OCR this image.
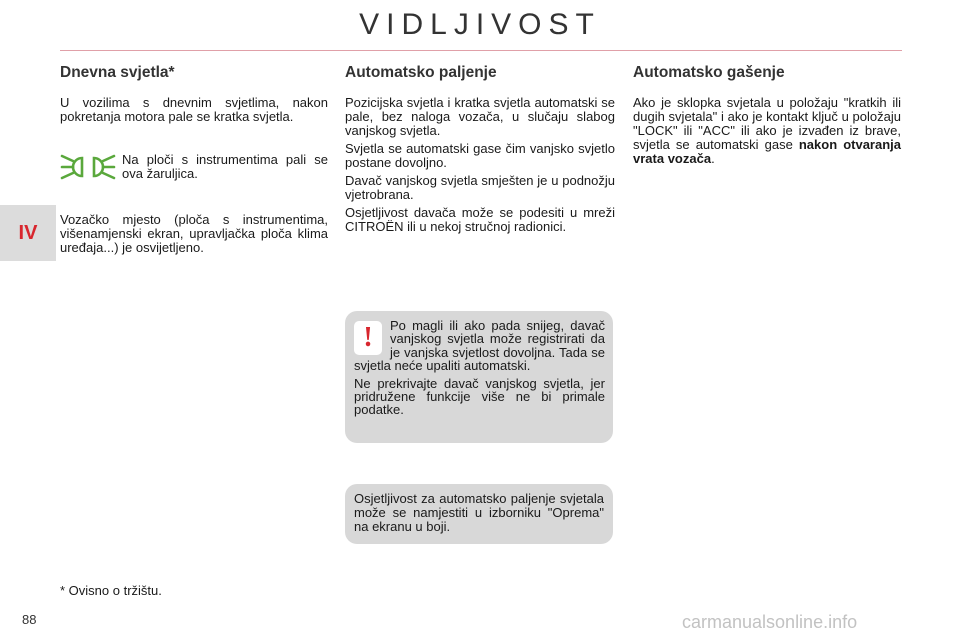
VIDLJIVOST
IV
Dnevna svjetla*

U vozilima s dnevnim svjetlima, nakon pokretanja motora pale se kratka svjetla.

Na ploči s instrumentima pali se ova žaruljica.

Vozačko mjesto (ploča s instrumentima, višenamjenski ekran, upravljačka ploča klima uređaja...) je osvijetljeno.

Automatsko paljenje

Pozicijska svjetla i kratka svjetla automatski se pale, bez naloga vozača, u slučaju slabog vanjskog svjetla.

Svjetla se automatski gase čim vanjsko svjetlo postane dovoljno.

Davač vanjskog svjetla smješten je u podnožju vjetrobrana.

Osjetljivost davača može se podesiti u mreži CITROËN ili u nekoj stručnoj radionici.

Automatsko gašenje

Ako je sklopka svjetala u položaju "kratkih ili dugih svjetala" i ako je kontakt ključ u položaju "LOCK" ili "ACC" ili ako je izvađen iz brave, svjetla se automatski gase nakon otvaranja vrata vozača.

!	Po magli ili ako pada snijeg, davač vanjskog svjetla može registrirati da je vanjska svjetlost dovoljna. Tada se svjetla neće upaliti automatski.

Ne prekrivajte davač vanjskog svjetla, jer pridružene funkcije više ne bi primale podatke.

Osjetljivost za automatsko paljenje svjetala može se namjestiti u izborniku "Oprema" na ekranu u boji.

* Ovisno o tržištu.
88	carmanualsonline.info
